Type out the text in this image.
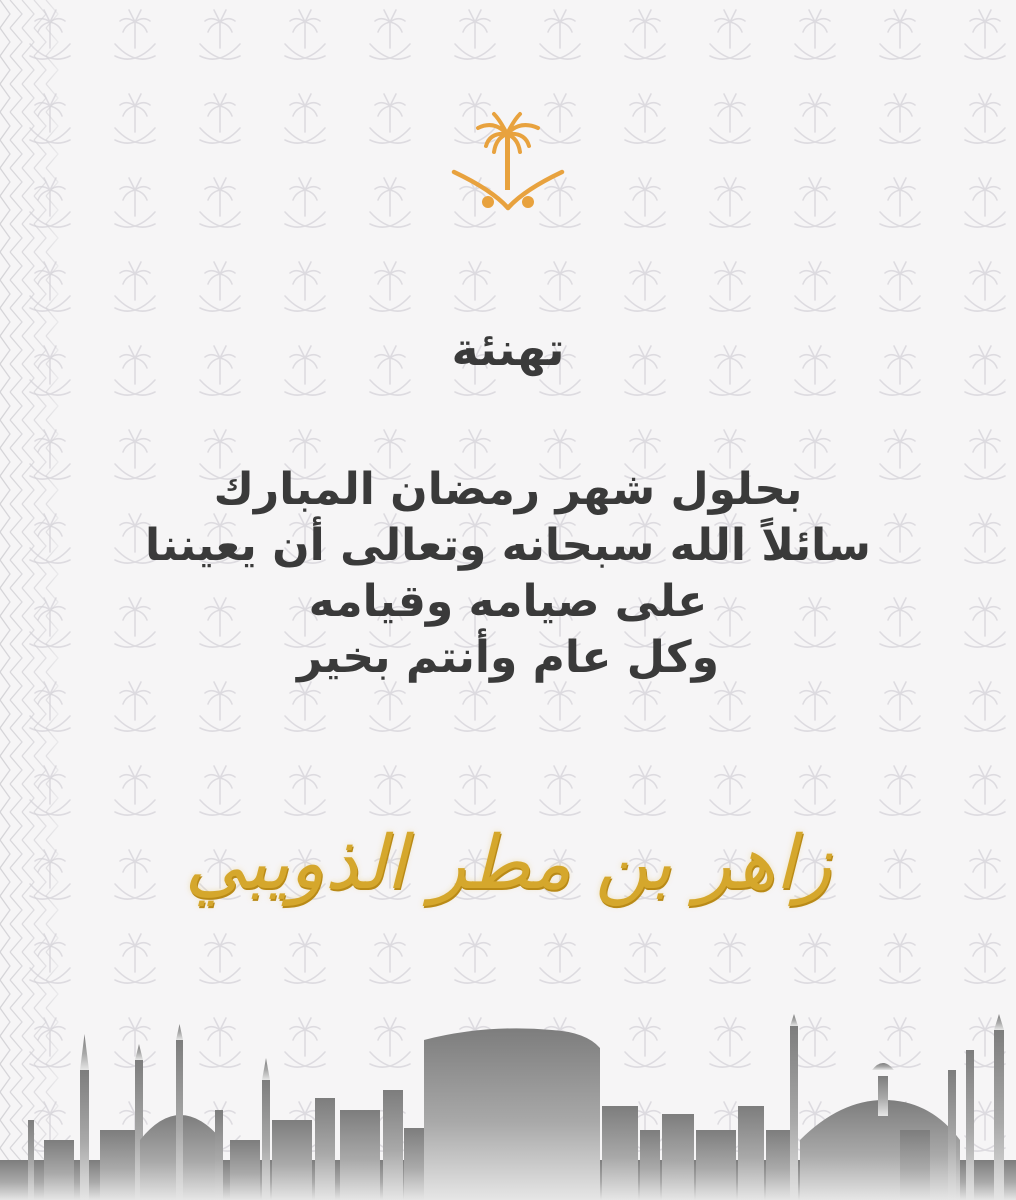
تهنئة
بحلول شهر رمضان المبارك
سائلاً الله سبحانه وتعالى أن يعيننا
على صيامه وقيامه
وكل عام وأنتم بخير
زاهر بن مطر الذويبي
